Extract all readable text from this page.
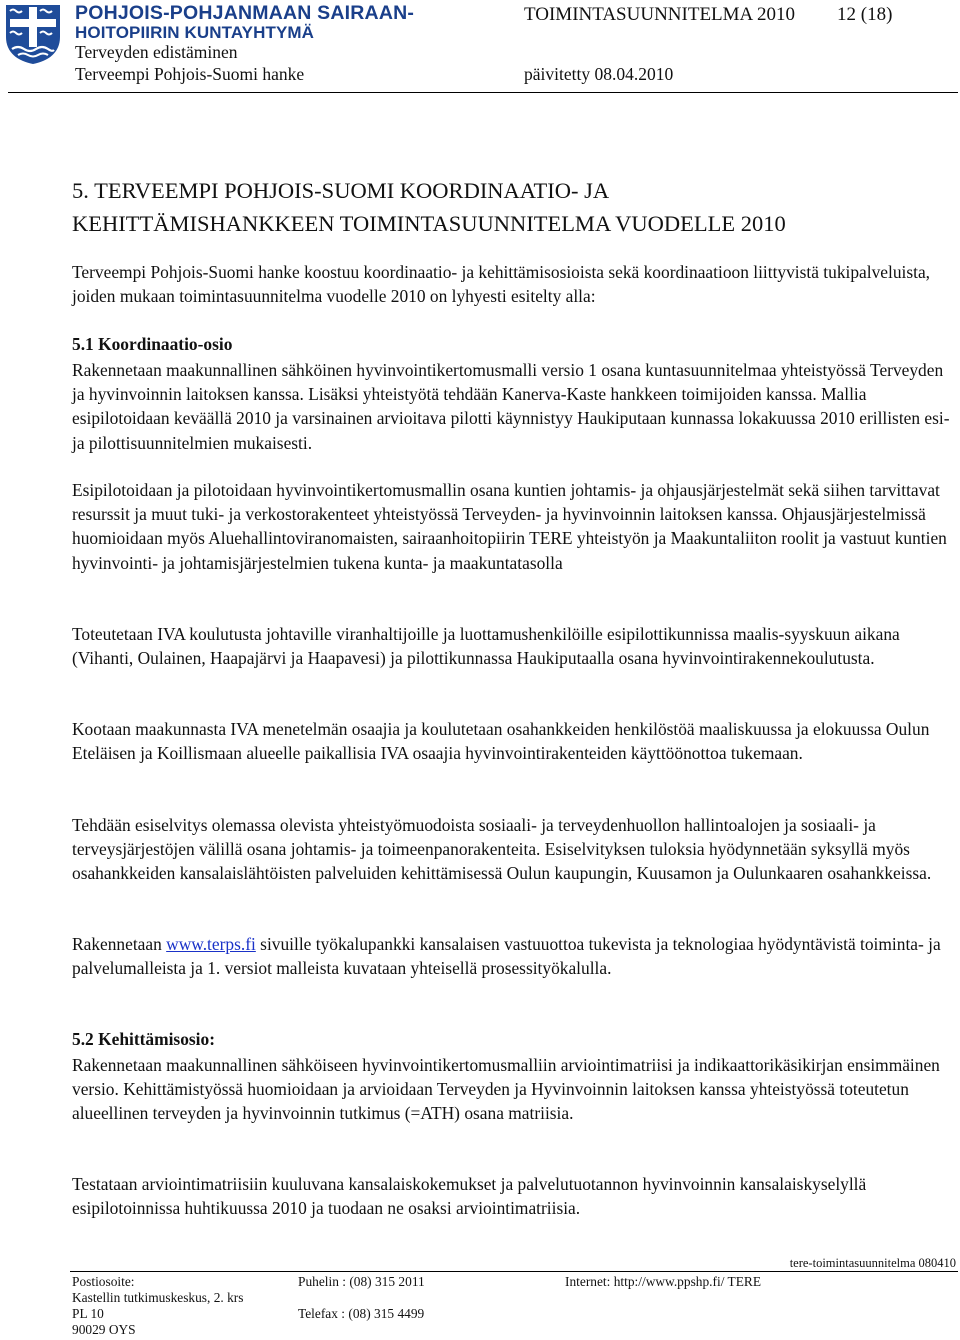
POHJOIS-POHJANMAAN SAIRAAN-
HOITOPIIRIN KUNTAYHTYMÄ
Terveyden edistäminen
Terveempi Pohjois-Suomi hanke
TOIMINTASUUNNITELMA 2010 12 (18)
päivitetty 08.04.2010
5. TERVEEMPI POHJOIS-SUOMI KOORDINAATIO- JA
KEHITTÄMISHANKKEEN TOIMINTASUUNNITELMA VUODELLE 2010
Terveempi Pohjois-Suomi hanke koostuu koordinaatio- ja kehittämisosioista sekä koordinaatioon liittyvistä tukipalveluista, joiden mukaan toimintasuunnitelma vuodelle 2010 on lyhyesti esitelty alla:
5.1 Koordinaatio-osio
Rakennetaan maakunnallinen sähköinen hyvinvointikertomusmalli versio 1 osana kuntasuunnitelmaa yhteistyössä Terveyden ja hyvinvoinnin laitoksen kanssa. Lisäksi yhteistyötä tehdään Kanerva-Kaste hankkeen toimijoiden kanssa. Mallia esipilotoidaan keväällä 2010 ja varsinainen arvioitava pilotti käynnistyy Haukiputaan kunnassa lokakuussa 2010 erillisten esi-ja pilottisuunnitelmien mukaisesti.
Esipilotoidaan ja pilotoidaan hyvinvointikertomusmallin osana kuntien johtamis- ja ohjausjärjestelmät sekä siihen tarvittavat resurssit ja muut tuki- ja verkostorakenteet yhteistyössä Terveyden- ja hyvinvoinnin laitoksen kanssa. Ohjausjärjestelmissä huomioidaan myös Aluehallintoviranomaisten, sairaanhoitopiirin TERE yhteistyön ja Maakuntaliiton roolit ja vastuut kuntien hyvinvointi- ja johtamisjärjestelmien tukena kunta- ja maakuntatasolla
Toteutetaan IVA koulutusta johtaville viranhaltijoille ja luottamushenkilöille esipilottikunnissa maalis-syyskuun aikana (Vihanti, Oulainen, Haapajärvi ja Haapavesi) ja pilottikunnassa Haukiputaalla osana hyvinvointirakennekoulutusta.
Kootaan maakunnasta IVA menetelmän osaajia ja koulutetaan osahankkeiden henkilöstöä maaliskuussa ja elokuussa Oulun Eteläisen ja Koillismaan alueelle paikallisia IVA osaajia hyvinvointirakenteiden käyttöönottoa tukemaan.
Tehdään esiselvitys olemassa olevista yhteistyömuodoista sosiaali- ja terveydenhuollon hallintoalojen ja sosiaali- ja terveysjärjestöjen välillä osana johtamis- ja toimeenpanorakenteita. Esiselvityksen tuloksia hyödynnetään syksyllä myös osahankkeiden kansalaislähtöisten palveluiden kehittämisessä Oulun kaupungin, Kuusamon ja Oulunkaaren osahankkeissa.
Rakennetaan www.terps.fi sivuille työkalupankki kansalaisen vastuuottoa tukevista ja teknologiaa hyödyntävistä toiminta- ja palvelumalleista ja 1. versiot malleista kuvataan yhteisellä prosessityökalulla.
5.2 Kehittämisosio:
Rakennetaan maakunnallinen sähköiseen hyvinvointikertomusmalliin arviointimatriisi ja indikaattorikäsikirjan ensimmäinen versio. Kehittämistyössä huomioidaan ja arvioidaan Terveyden ja Hyvinvoinnin laitoksen kanssa yhteistyössä toteutetun alueellinen terveyden ja hyvinvoinnin tutkimus (=ATH) osana matriisia.
Testataan arviointimatriisiin kuuluvana kansalaiskokemukset ja palvelutuotannon hyvinvoinnin kansalaiskyselyllä esipilotoinnissa huhtikuussa 2010 ja tuodaan ne osaksi arviointimatriisia.
tere-toimintasuunnitelma 080410
Postiosoite:
Kastellin tutkimuskeskus, 2. krs
PL 10
90029 OYS
Puhelin : (08) 315 2011
Telefax : (08) 315 4499
Internet: http://www.ppshp.fi/ TERE
